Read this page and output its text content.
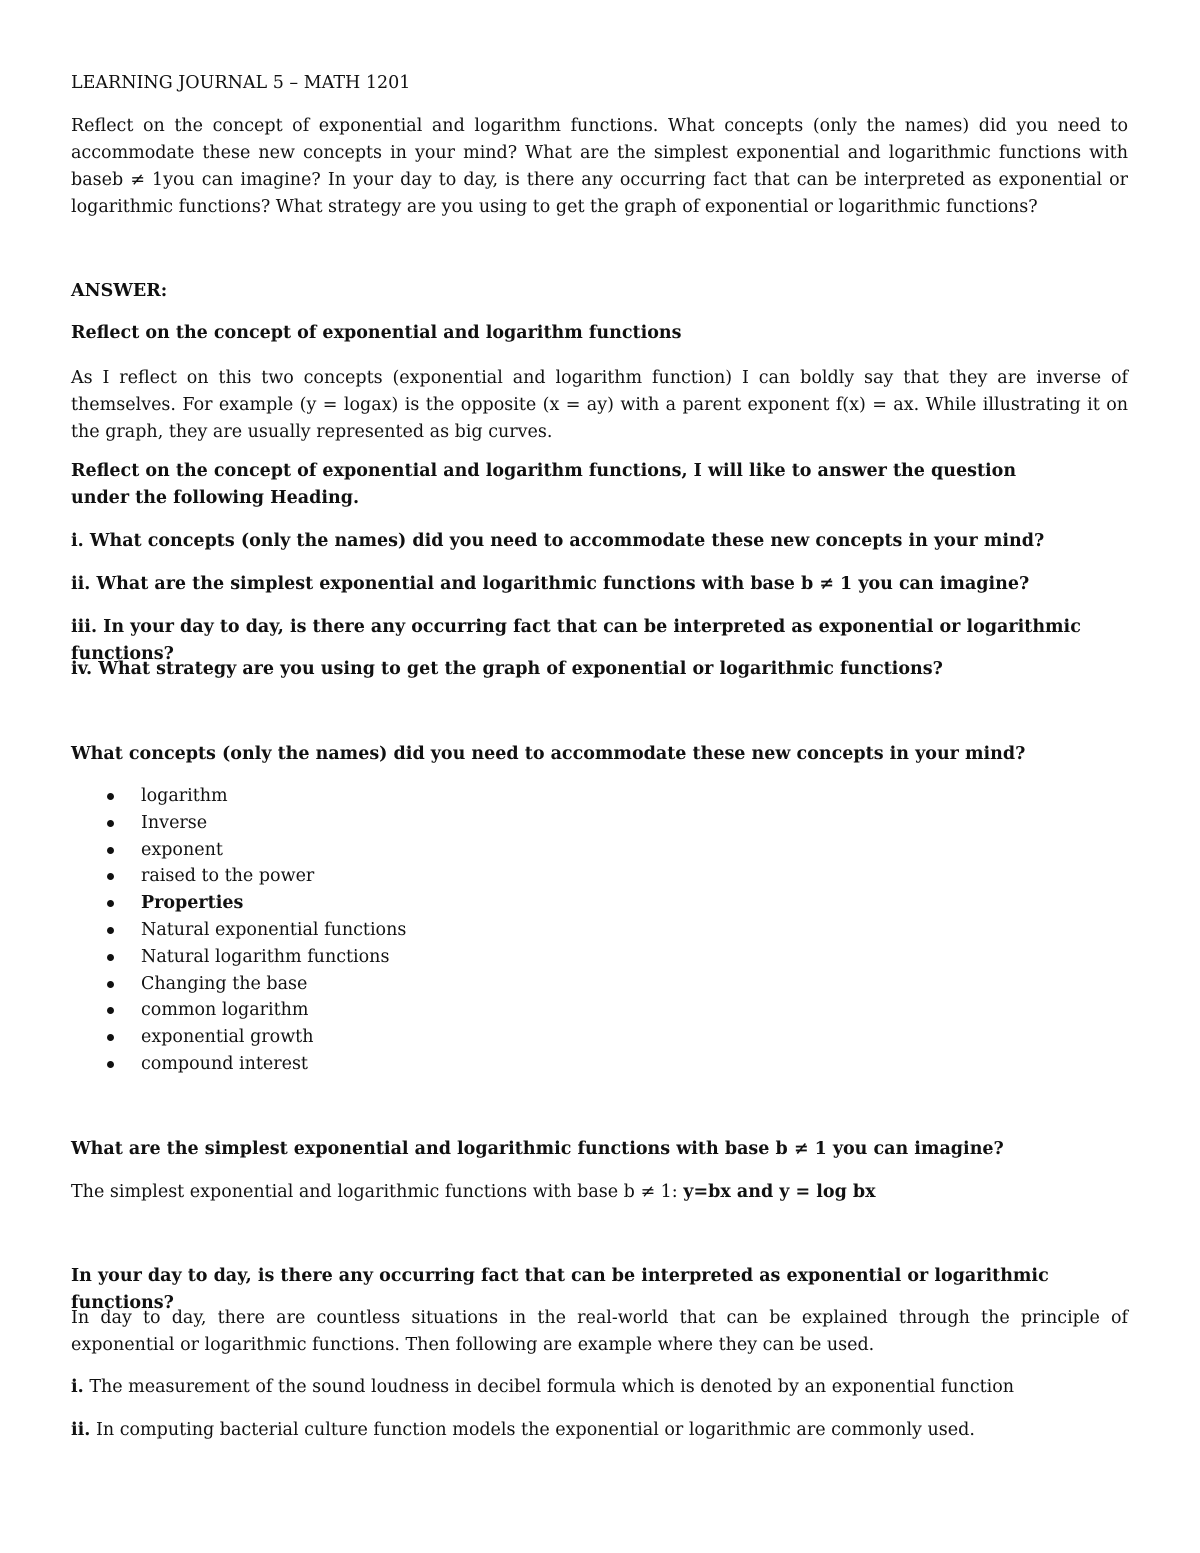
LEARNING JOURNAL 5 – MATH 1201
Reflect on the concept of exponential and logarithm functions. What concepts (only the names) did you need to accommodate these new concepts in your mind? What are the simplest exponential and logarithmic functions with baseb ≠ 1you can imagine? In your day to day, is there any occurring fact that can be interpreted as exponential or logarithmic functions? What strategy are you using to get the graph of exponential or logarithmic functions?
ANSWER:
Reflect on the concept of exponential and logarithm functions
As I reflect on this two concepts (exponential and logarithm function) I can boldly say that they are inverse of themselves. For example (y = logax) is the opposite (x = ay) with a parent exponent f(x) = ax. While illustrating it on the graph, they are usually represented as big curves.
Reflect on the concept of exponential and logarithm functions, I will like to answer the question under the following Heading.
i. What concepts (only the names) did you need to accommodate these new concepts in your mind?
ii. What are the simplest exponential and logarithmic functions with base b ≠ 1 you can imagine?
iii. In your day to day, is there any occurring fact that can be interpreted as exponential or logarithmic functions?
iv. What strategy are you using to get the graph of exponential or logarithmic functions?
What concepts (only the names) did you need to accommodate these new concepts in your mind?
logarithm
Inverse
exponent
raised to the power
Properties
Natural exponential functions
Natural logarithm functions
Changing the base
common logarithm
exponential growth
compound interest
What are the simplest exponential and logarithmic functions with base b ≠ 1 you can imagine?
The simplest exponential and logarithmic functions with base b ≠ 1: y=bx and y = log bx
In your day to day, is there any occurring fact that can be interpreted as exponential or logarithmic functions?
In day to day, there are countless situations in the real-world that can be explained through the principle of exponential or logarithmic functions. Then following are example where they can be used.
i. The measurement of the sound loudness in decibel formula which is denoted by an exponential function
ii. In computing bacterial culture function models the exponential or logarithmic are commonly used.
